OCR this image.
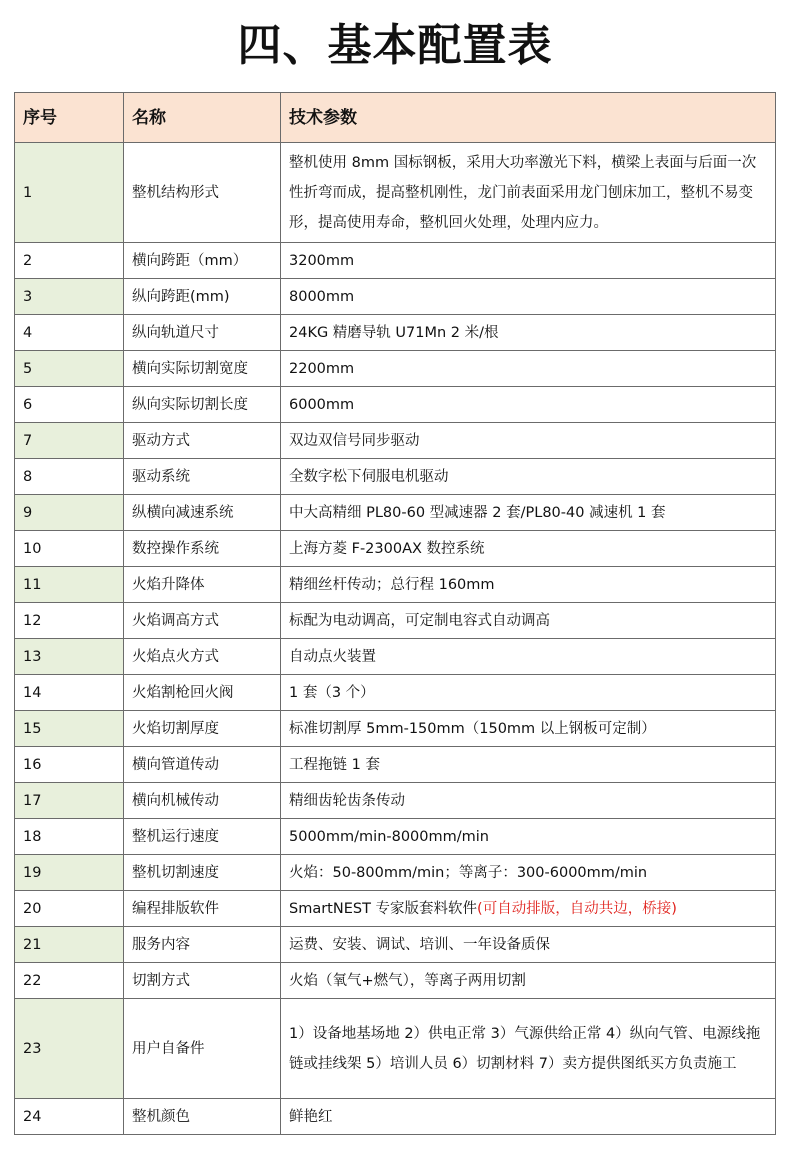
四、基本配置表
序号	名称	技术参数
1	整机结构形式	整机使用 8mm 国标钢板，采用大功率激光下料，横梁上表面与后面一次性折弯而成，提高整机刚性，龙门前表面采用龙门刨床加工，整机不易变形，提高使用寿命，整机回火处理，处理内应力。
2	横向跨距（mm）	3200mm
3	纵向跨距(mm)	8000mm
4	纵向轨道尺寸	24KG 精磨导轨 U71Mn 2 米/根
5	横向实际切割宽度	2200mm
6	纵向实际切割长度	6000mm
7	驱动方式	双边双信号同步驱动
8	驱动系统	全数字松下伺服电机驱动
9	纵横向减速系统	中大高精细 PL80-60 型减速器 2 套/PL80-40 减速机 1 套
10	数控操作系统	上海方菱 F-2300AX 数控系统
11	火焰升降体	精细丝杆传动；总行程 160mm
12	火焰调高方式	标配为电动调高，可定制电容式自动调高
13	火焰点火方式	自动点火装置
14	火焰割枪回火阀	1 套（3 个）
15	火焰切割厚度	标准切割厚 5mm-150mm（150mm 以上钢板可定制）
16	横向管道传动	工程拖链 1 套
17	横向机械传动	精细齿轮齿条传动
18	整机运行速度	5000mm/min-8000mm/min
19	整机切割速度	火焰：50-800mm/min；等离子：300-6000mm/min
20	编程排版软件	SmartNEST 专家版套料软件(可自动排版，自动共边，桥接)
21	服务内容	运费、安装、调试、培训、一年设备质保
22	切割方式	火焰（氧气+燃气），等离子两用切割
23	用户自备件	1）设备地基场地 2）供电正常 3）气源供给正常 4）纵向气管、电源线拖链或挂线架 5）培训人员 6）切割材料 7）卖方提供图纸买方负责施工
24	整机颜色	鲜艳红
